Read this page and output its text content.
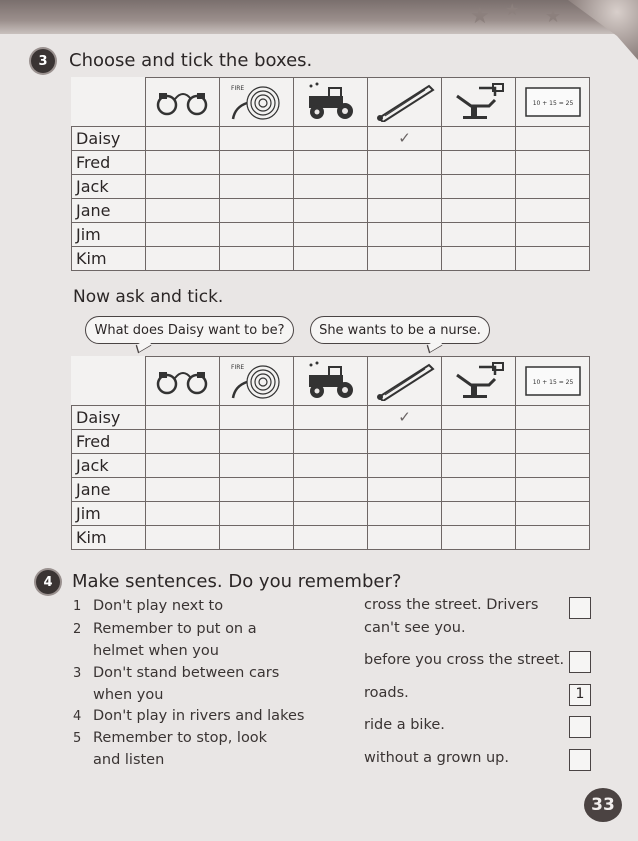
★ ★ ★
3	Choose and tick the boxes.

FIRE				10 + 15 = 25

Daisy				✓		

Fred						
Jack						
Jane						
Jim						
Kim						
Now ask and tick.
What does Daisy want to be?	She wants to be a nurse.

FIRE				10 + 15 = 25

Daisy				✓		

Fred						
Jack						
Jane						
Jim						
Kim						
4	Make sentences. Do you remember?
1 Don't play next to
2 Remember to put on a
helmet when you
3 Don't stand between cars
when you
4 Don't play in rivers and lakes
5 Remember to stop, look
and listen
cross the street. Drivers
can't see you.
before you cross the street.
roads.
ride a bike.
without a grown up.
1
33
